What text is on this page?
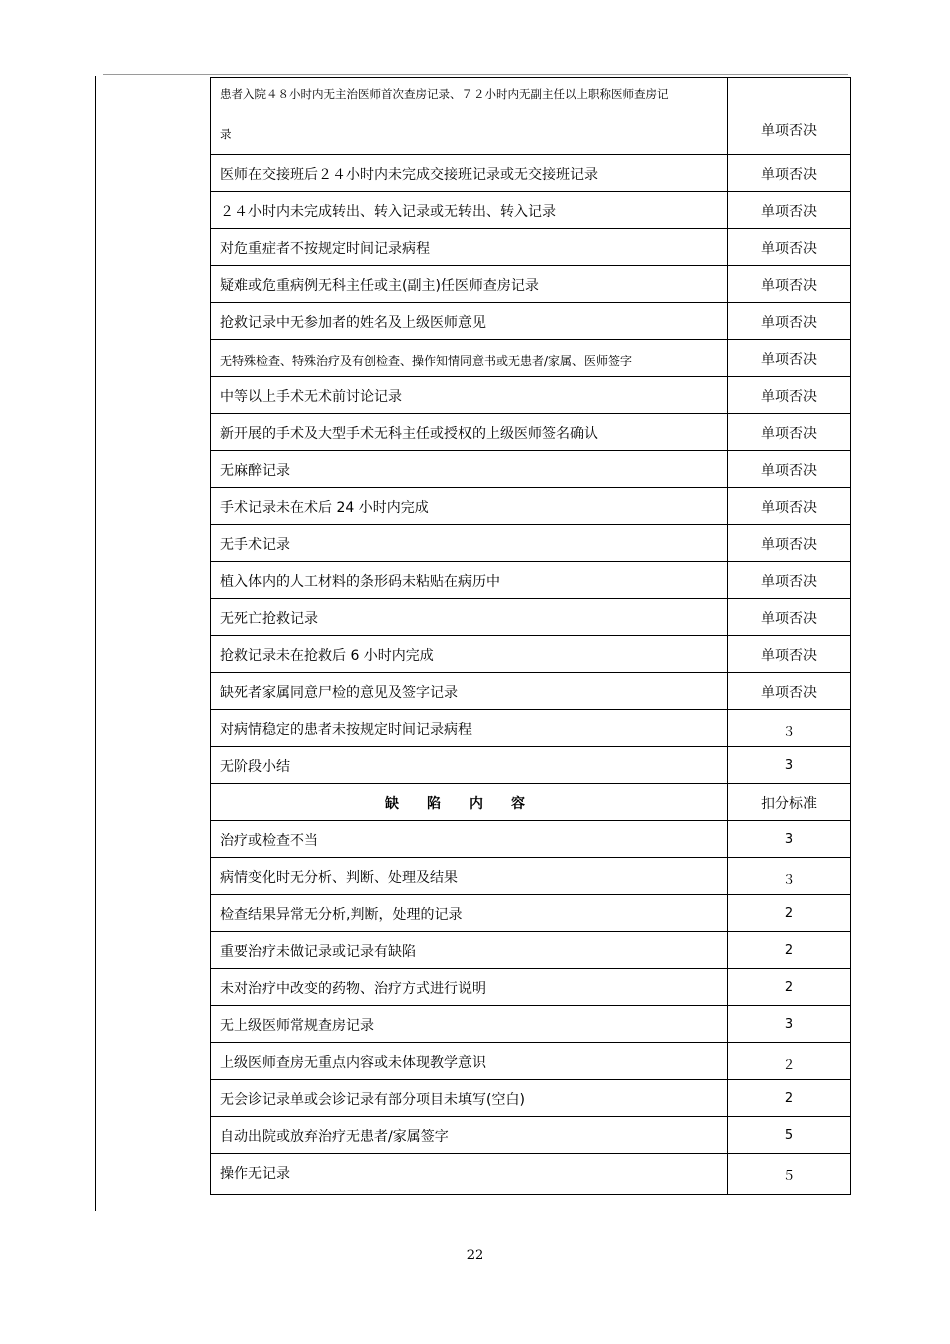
患者入院４８小时内无主治医师首次查房记录、７２小时内无副主任以上职称医师查房记
录	单项否决
医师在交接班后２４小时内未完成交接班记录或无交接班记录	单项否决
２４小时内未完成转出、转入记录或无转出、转入记录	单项否决
对危重症者不按规定时间记录病程	单项否决
疑难或危重病例无科主任或主(副主)任医师查房记录	单项否决
抢救记录中无参加者的姓名及上级医师意见	单项否决
无特殊检查、特殊治疗及有创检查、操作知情同意书或无患者/家属、医师签字	单项否决
中等以上手术无术前讨论记录	单项否决
新开展的手术及大型手术无科主任或授权的上级医师签名确认	单项否决
无麻醉记录	单项否决
手术记录未在术后 24 小时内完成	单项否决
无手术记录	单项否决
植入体内的人工材料的条形码未粘贴在病历中	单项否决
无死亡抢救记录	单项否决
抢救记录未在抢救后 6 小时内完成	单项否决
缺死者家属同意尸检的意见及签字记录	单项否决
对病情稳定的患者未按规定时间记录病程	３
无阶段小结	3
缺陷内容	扣分标准
治疗或检查不当	3
病情变化时无分析、判断、处理及结果	３
检查结果异常无分析,判断，处理的记录	2
重要治疗未做记录或记录有缺陷	2
未对治疗中改变的药物、治疗方式进行说明	2
无上级医师常规查房记录	3
上级医师查房无重点内容或未体现教学意识	２
无会诊记录单或会诊记录有部分项目未填写(空白)	2
自动出院或放弃治疗无患者/家属签字	5
操作无记录	５
22
